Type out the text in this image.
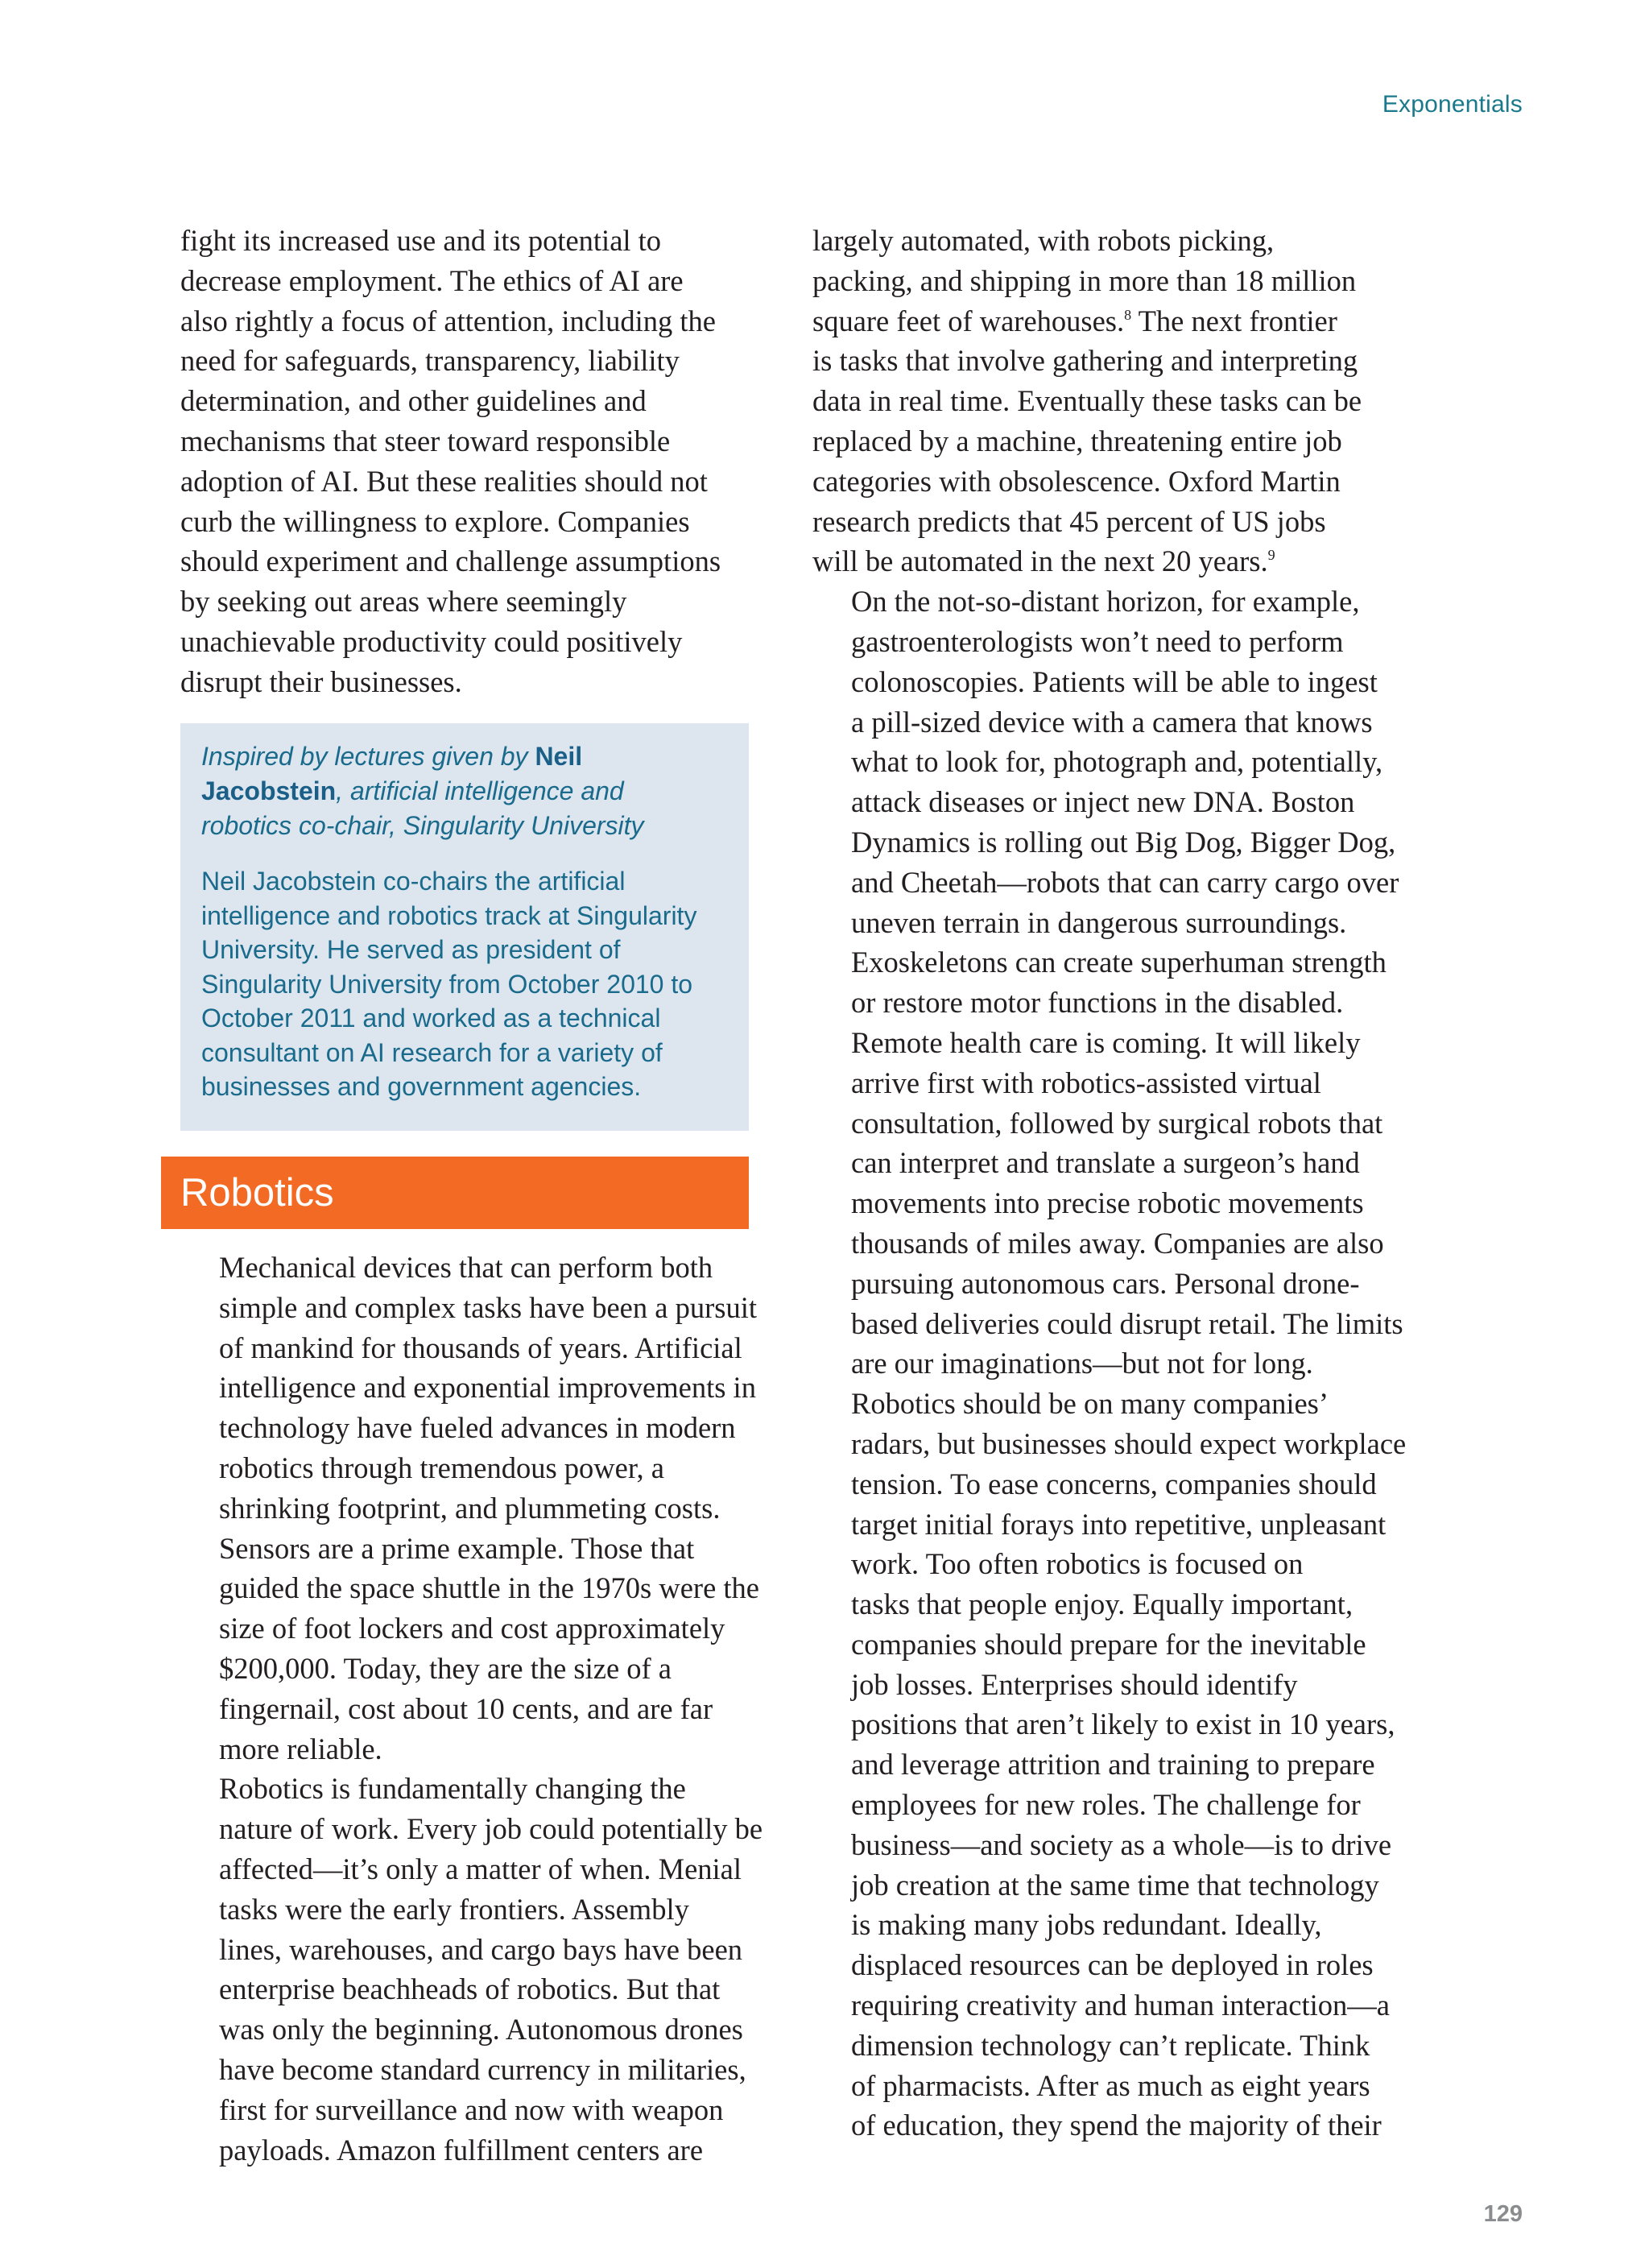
Exponentials

fight its increased use and its potential to
decrease employment. The ethics of AI are
also rightly a focus of attention, including the
need for safeguards, transparency, liability
determination, and other guidelines and
mechanisms that steer toward responsible
adoption of AI. But these realities should not
curb the willingness to explore. Companies
should experiment and challenge assumptions
by seeking out areas where seemingly
unachievable productivity could positively
disrupt their businesses.

Inspired by lectures given by Neil
Jacobstein, artificial intelligence and
robotics co-chair, Singularity University

Neil Jacobstein co-chairs the artificial
intelligence and robotics track at Singularity
University. He served as president of
Singularity University from October 2010 to
October 2011 and worked as a technical
consultant on AI research for a variety of
businesses and government agencies.

Robotics

Mechanical devices that can perform both
simple and complex tasks have been a pursuit
of mankind for thousands of years. Artificial
intelligence and exponential improvements in
technology have fueled advances in modern
robotics through tremendous power, a
shrinking footprint, and plummeting costs.
Sensors are a prime example. Those that
guided the space shuttle in the 1970s were the
size of foot lockers and cost approximately
$200,000. Today, they are the size of a
fingernail, cost about 10 cents, and are far
more reliable.

Robotics is fundamentally changing the
nature of work. Every job could potentially be
affected—it’s only a matter of when. Menial
tasks were the early frontiers. Assembly
lines, warehouses, and cargo bays have been
enterprise beachheads of robotics. But that
was only the beginning. Autonomous drones
have become standard currency in militaries,
first for surveillance and now with weapon
payloads. Amazon fulfillment centers are

largely automated, with robots picking,
packing, and shipping in more than 18 million
square feet of warehouses.$^8$ The next frontier
is tasks that involve gathering and interpreting
data in real time. Eventually these tasks can be
replaced by a machine, threatening entire job
categories with obsolescence. Oxford Martin
research predicts that 45 percent of US jobs
will be automated in the next 20 years.$^9$

On the not-so-distant horizon, for example,
gastroenterologists won’t need to perform
colonoscopies. Patients will be able to ingest
a pill-sized device with a camera that knows
what to look for, photograph and, potentially,
attack diseases or inject new DNA. Boston
Dynamics is rolling out Big Dog, Bigger Dog,
and Cheetah—robots that can carry cargo over
uneven terrain in dangerous surroundings.
Exoskeletons can create superhuman strength
or restore motor functions in the disabled.
Remote health care is coming. It will likely
arrive first with robotics-assisted virtual
consultation, followed by surgical robots that
can interpret and translate a surgeon’s hand
movements into precise robotic movements
thousands of miles away. Companies are also
pursuing autonomous cars. Personal drone-
based deliveries could disrupt retail. The limits
are our imaginations—but not for long.

Robotics should be on many companies’
radars, but businesses should expect workplace
tension. To ease concerns, companies should
target initial forays into repetitive, unpleasant
work. Too often robotics is focused on
tasks that people enjoy. Equally important,
companies should prepare for the inevitable
job losses. Enterprises should identify
positions that aren’t likely to exist in 10 years,
and leverage attrition and training to prepare
employees for new roles. The challenge for
business—and society as a whole—is to drive
job creation at the same time that technology
is making many jobs redundant. Ideally,
displaced resources can be deployed in roles
requiring creativity and human interaction—a
dimension technology can’t replicate. Think
of pharmacists. After as much as eight years
of education, they spend the majority of their

129
